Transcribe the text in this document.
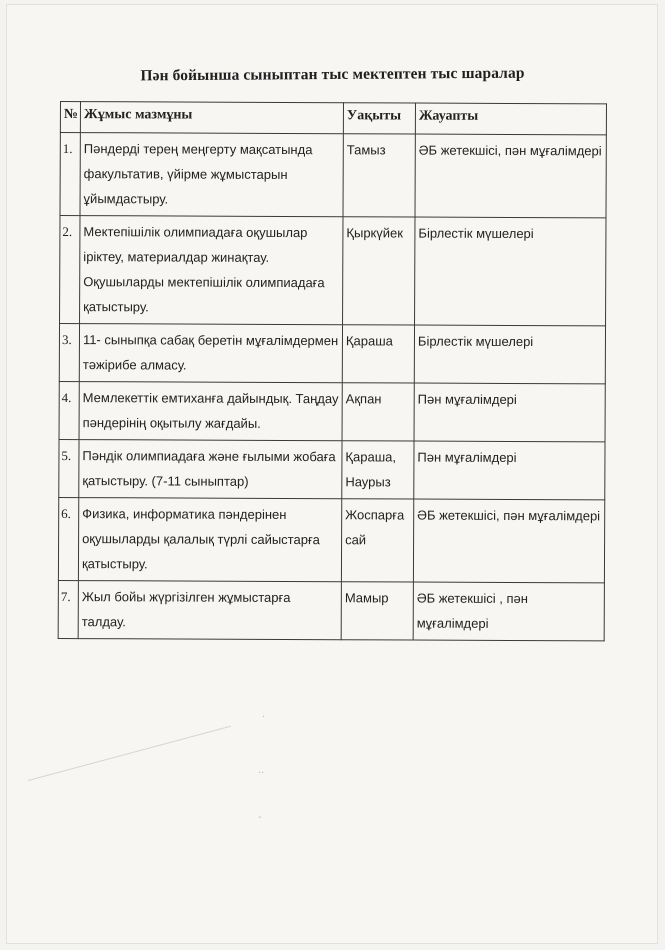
Пән бойынша сыныптан тыс мектептен тыс шаралар
№	Жұмыс мазмұны	Уақыты	Жауапты
1.	Пәндерді терең меңгерту мақсатында факультатив, үйірме жұмыстарын ұйымдастыру.	Тамыз	ӘБ жетекшісі, пән мұғалімдері
2.	Мектепішілік олимпиадаға оқушылар іріктеу, материалдар жинақтау. Оқушыларды мектепішілік олимпиадаға қатыстыру.	Қыркүйек	Бірлестік мүшелері
3.	11- сыныпқа сабақ беретін мұғалімдермен тәжірибе алмасу.	Қараша	Бірлестік мүшелері
4.	Мемлекеттік емтиханға дайындық. Таңдау пәндерінің оқытылу жағдайы.	Ақпан	Пән мұғалімдері
5.	Пәндік олимпиадаға және ғылыми жобаға қатыстыру. (7-11 сыныптар)	Қараша, Наурыз	Пән мұғалімдері
6.	Физика, информатика пәндерінен оқушыларды қалалық түрлі сайыстарға қатыстыру.	Жоспарға сай	ӘБ жетекшісі, пән мұғалімдері
7.	Жыл бойы жүргізілген жұмыстарға талдау.	Мамыр	ӘБ жетекшісі , пән мұғалімдері
·
··
-
